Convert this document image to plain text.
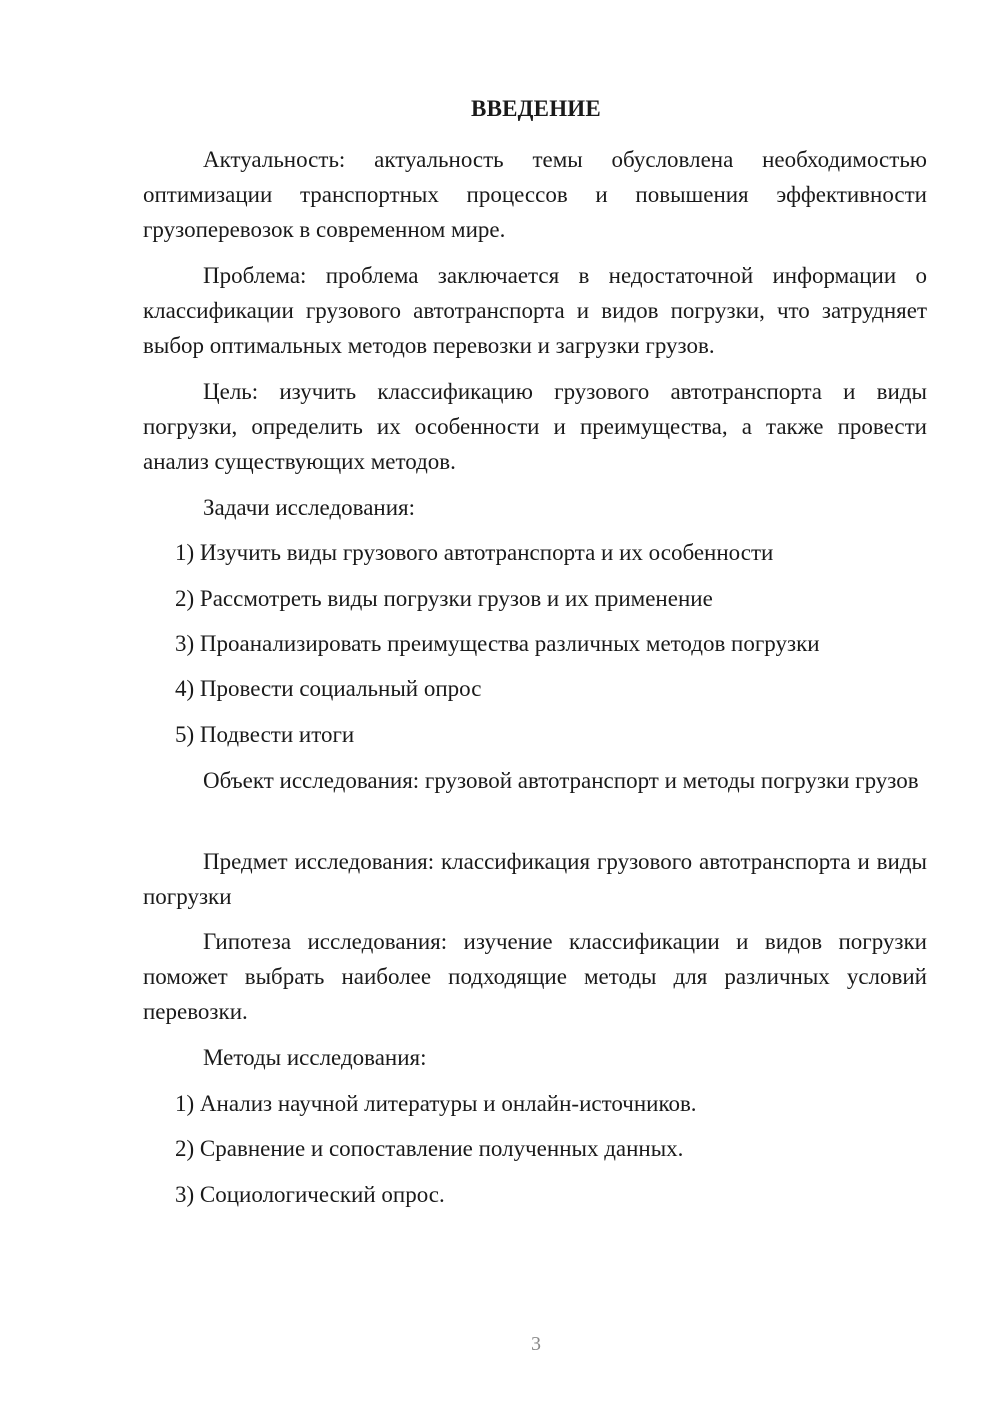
ВВЕДЕНИЕ

Актуальность: актуальность темы обусловлена необходимостью оптимизации транспортных процессов и повышения эффективности грузоперевозок в современном мире.

Проблема: проблема заключается в недостаточной информации о классификации грузового автотранспорта и видов погрузки, что затрудняет выбор оптимальных методов перевозки и загрузки грузов.

Цель: изучить классификацию грузового автотранспорта и виды погрузки, определить их особенности и преимущества, а также провести анализ существующих методов.

Задачи исследования:
1) Изучить виды грузового автотранспорта и их особенности
2) Рассмотреть виды погрузки грузов и их применение
3) Проанализировать преимущества различных методов погрузки
4) Провести социальный опрос
5) Подвести итоги

Объект исследования: грузовой автотранспорт и методы погрузки грузов

Предмет исследования: классификация грузового автотранспорта и виды погрузки

Гипотеза исследования: изучение классификации и видов погрузки поможет выбрать наиболее подходящие методы для различных условий перевозки.

Методы исследования:
1) Анализ научной литературы и онлайн-источников.
2) Сравнение и сопоставление полученных данных.
3) Социологический опрос.
3
